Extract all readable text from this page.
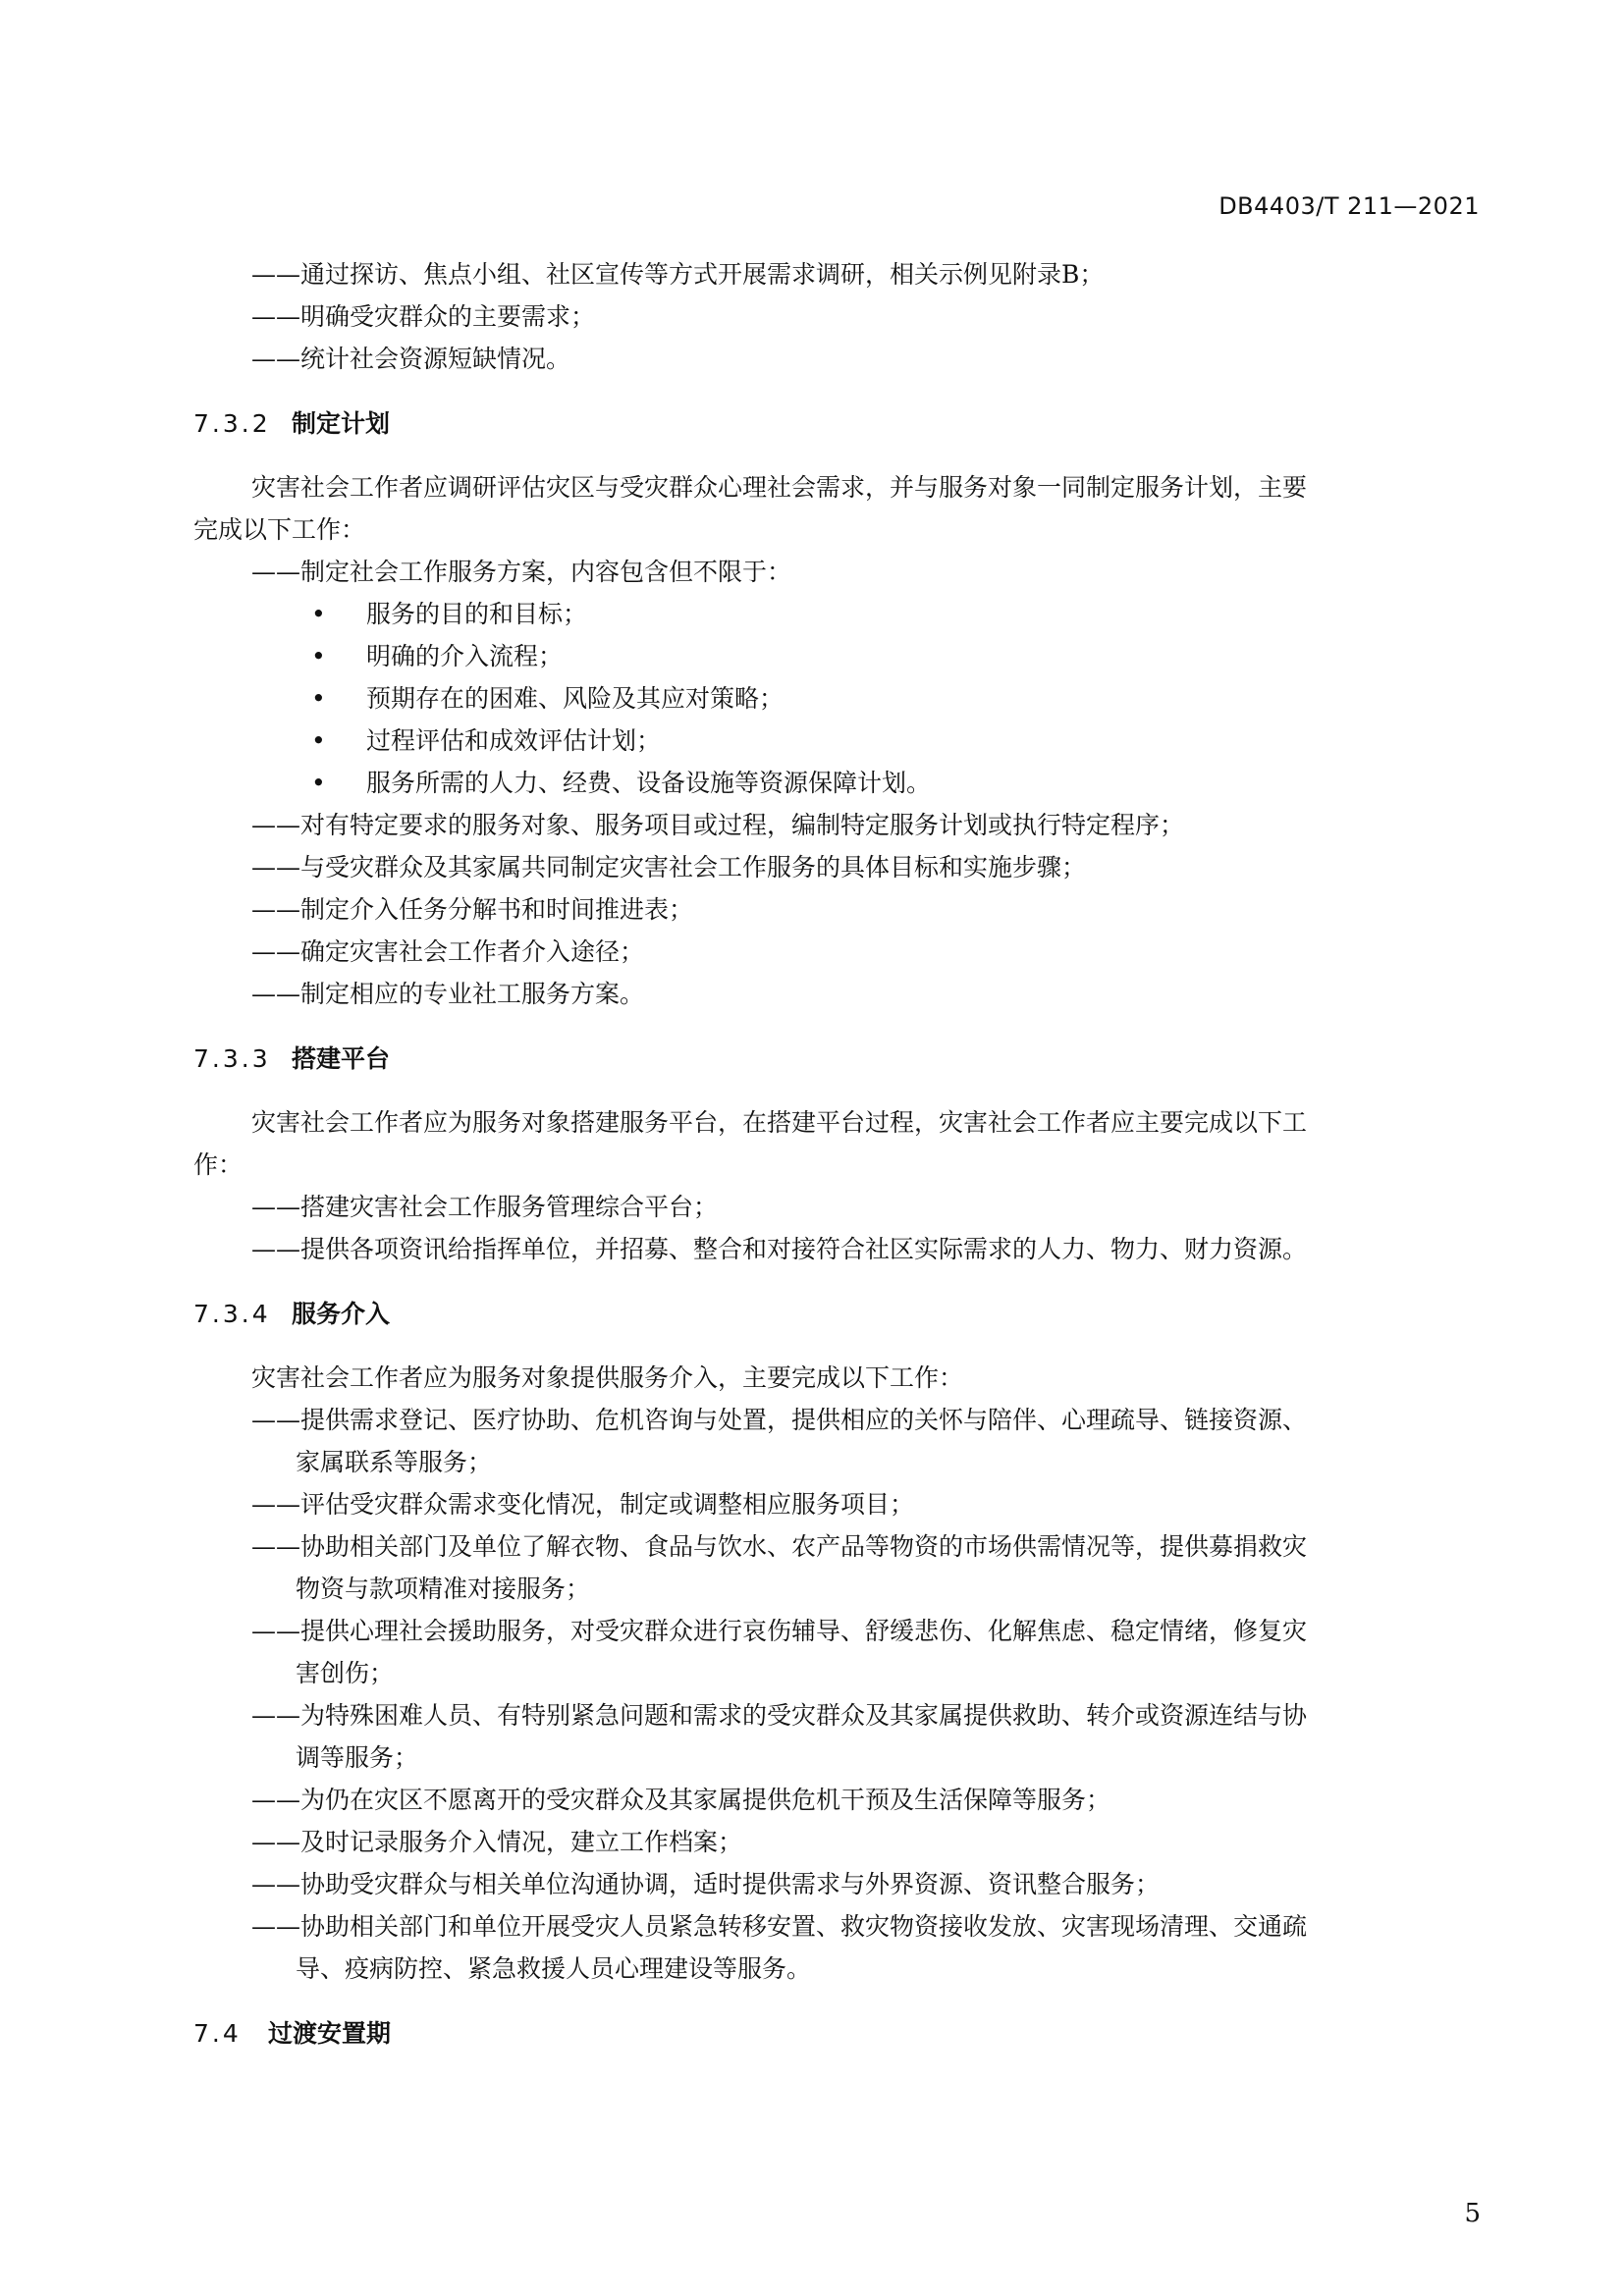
DB4403/T 211—2021
——通过探访、焦点小组、社区宣传等方式开展需求调研，相关示例见附录B；
——明确受灾群众的主要需求；
——统计社会资源短缺情况。
7.3.2 制定计划
灾害社会工作者应调研评估灾区与受灾群众心理社会需求，并与服务对象一同制定服务计划，主要
完成以下工作：
——制定社会工作服务方案，内容包含但不限于：
• 服务的目的和目标；
• 明确的介入流程；
• 预期存在的困难、风险及其应对策略；
• 过程评估和成效评估计划；
• 服务所需的人力、经费、设备设施等资源保障计划。
——对有特定要求的服务对象、服务项目或过程，编制特定服务计划或执行特定程序；
——与受灾群众及其家属共同制定灾害社会工作服务的具体目标和实施步骤；
——制定介入任务分解书和时间推进表；
——确定灾害社会工作者介入途径；
——制定相应的专业社工服务方案。
7.3.3 搭建平台
灾害社会工作者应为服务对象搭建服务平台，在搭建平台过程，灾害社会工作者应主要完成以下工
作：
——搭建灾害社会工作服务管理综合平台；
——提供各项资讯给指挥单位，并招募、整合和对接符合社区实际需求的人力、物力、财力资源。
7.3.4 服务介入
灾害社会工作者应为服务对象提供服务介入，主要完成以下工作：
——提供需求登记、医疗协助、危机咨询与处置，提供相应的关怀与陪伴、心理疏导、链接资源、
家属联系等服务；
——评估受灾群众需求变化情况，制定或调整相应服务项目；
——协助相关部门及单位了解衣物、食品与饮水、农产品等物资的市场供需情况等，提供募捐救灾
物资与款项精准对接服务；
——提供心理社会援助服务，对受灾群众进行哀伤辅导、舒缓悲伤、化解焦虑、稳定情绪，修复灾
害创伤；
——为特殊困难人员、有特别紧急问题和需求的受灾群众及其家属提供救助、转介或资源连结与协
调等服务；
——为仍在灾区不愿离开的受灾群众及其家属提供危机干预及生活保障等服务；
——及时记录服务介入情况，建立工作档案；
——协助受灾群众与相关单位沟通协调，适时提供需求与外界资源、资讯整合服务；
——协助相关部门和单位开展受灾人员紧急转移安置、救灾物资接收发放、灾害现场清理、交通疏
导、疫病防控、紧急救援人员心理建设等服务。
7.4 过渡安置期
5
